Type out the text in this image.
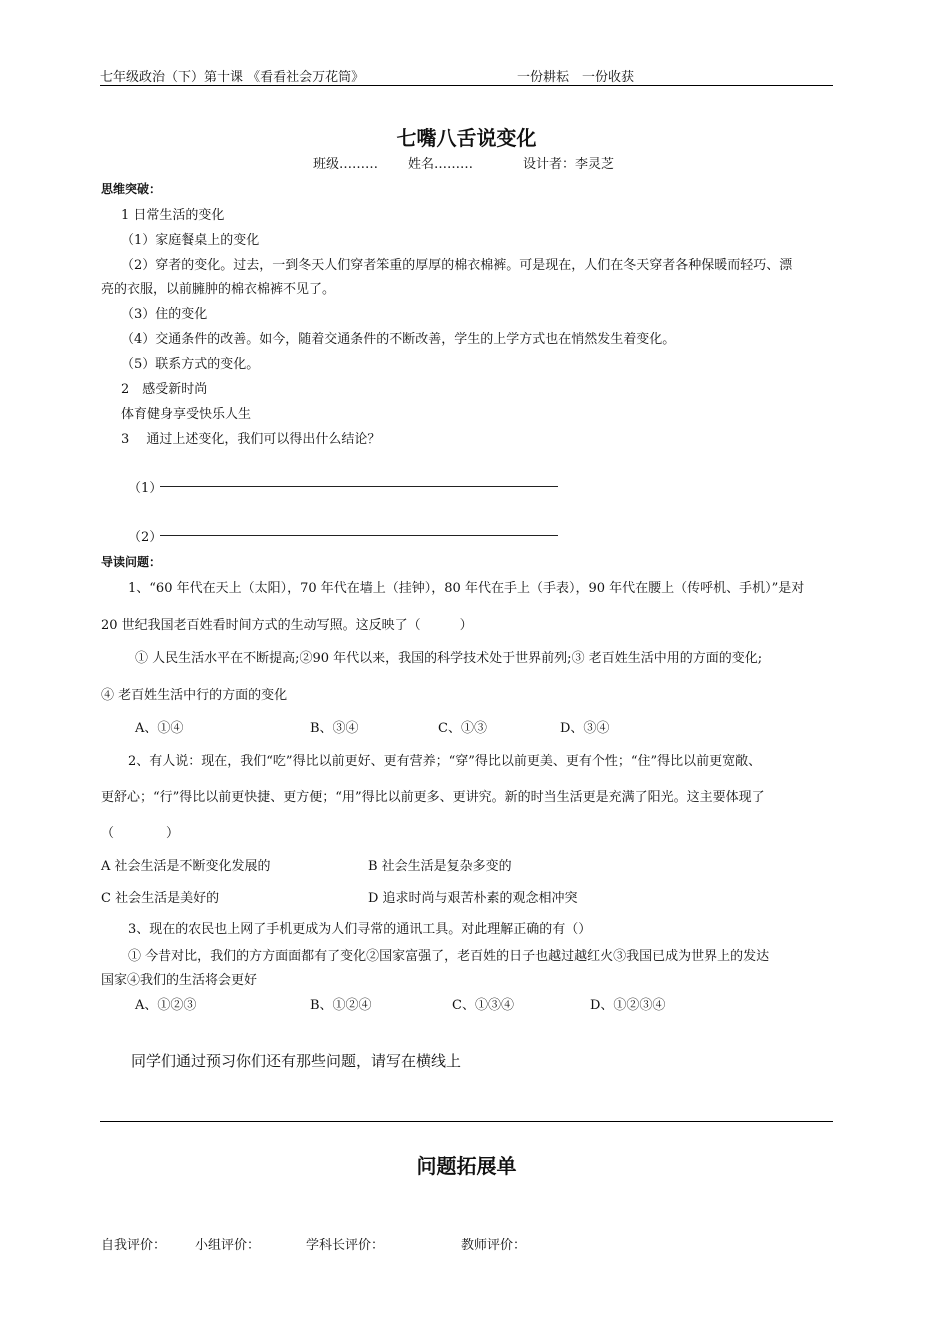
七年级政治（下）第十课 《看看社会万花筒》	一份耕耘　一份收获
七嘴八舌说变化
班级……… 姓名………	设计者：李灵芝
思维突破：
1 日常生活的变化
（1）家庭餐桌上的变化
（2）穿者的变化。过去，一到冬天人们穿者笨重的厚厚的棉衣棉裤。可是现在，人们在冬天穿者各种保暖而轻巧、漂
亮的衣服，以前臃肿的棉衣棉裤不见了。
（3）住的变化
（4）交通条件的改善。如今，随着交通条件的不断改善，学生的上学方式也在悄然发生着变化。
（5）联系方式的变化。
2　感受新时尚
体育健身享受快乐人生
3　 通过上述变化，我们可以得出什么结论？
（1）
（2）
导读问题：
1、“60 年代在天上（太阳），70 年代在墙上（挂钟），80 年代在手上（手表），90 年代在腰上（传呼机、手机）”是对
20 世纪我国老百姓看时间方式的生动写照。这反映了（　　　）
① 人民生活水平在不断提高;②90 年代以来，我国的科学技术处于世界前列;③ 老百姓生活中用的方面的变化;
④ 老百姓生活中行的方面的变化
A、①④	B、③④	C、①③	D、③④
2、有人说：现在，我们“吃”得比以前更好、更有营养；“穿”得比以前更美、更有个性；“住”得比以前更宽敞、
更舒心；“行”得比以前更快捷、更方便；“用”得比以前更多、更讲究。新的时当生活更是充满了阳光。这主要体现了
（　　　　）
A 社会生活是不断变化发展的	B 社会生活是复杂多变的
C 社会生活是美好的	D 追求时尚与艰苦朴素的观念相冲突
3、现在的农民也上网了手机更成为人们寻常的通讯工具。对此理解正确的有（）
① 今昔对比，我们的方方面面都有了变化②国家富强了，老百姓的日子也越过越红火③我国已成为世界上的发达
国家④我们的生活将会更好
A、①②③	B、①②④	C、①③④	D、①②③④
同学们通过预习你们还有那些问题，请写在横线上
问题拓展单
自我评价： 小组评价：	学科长评价：	教师评价：
